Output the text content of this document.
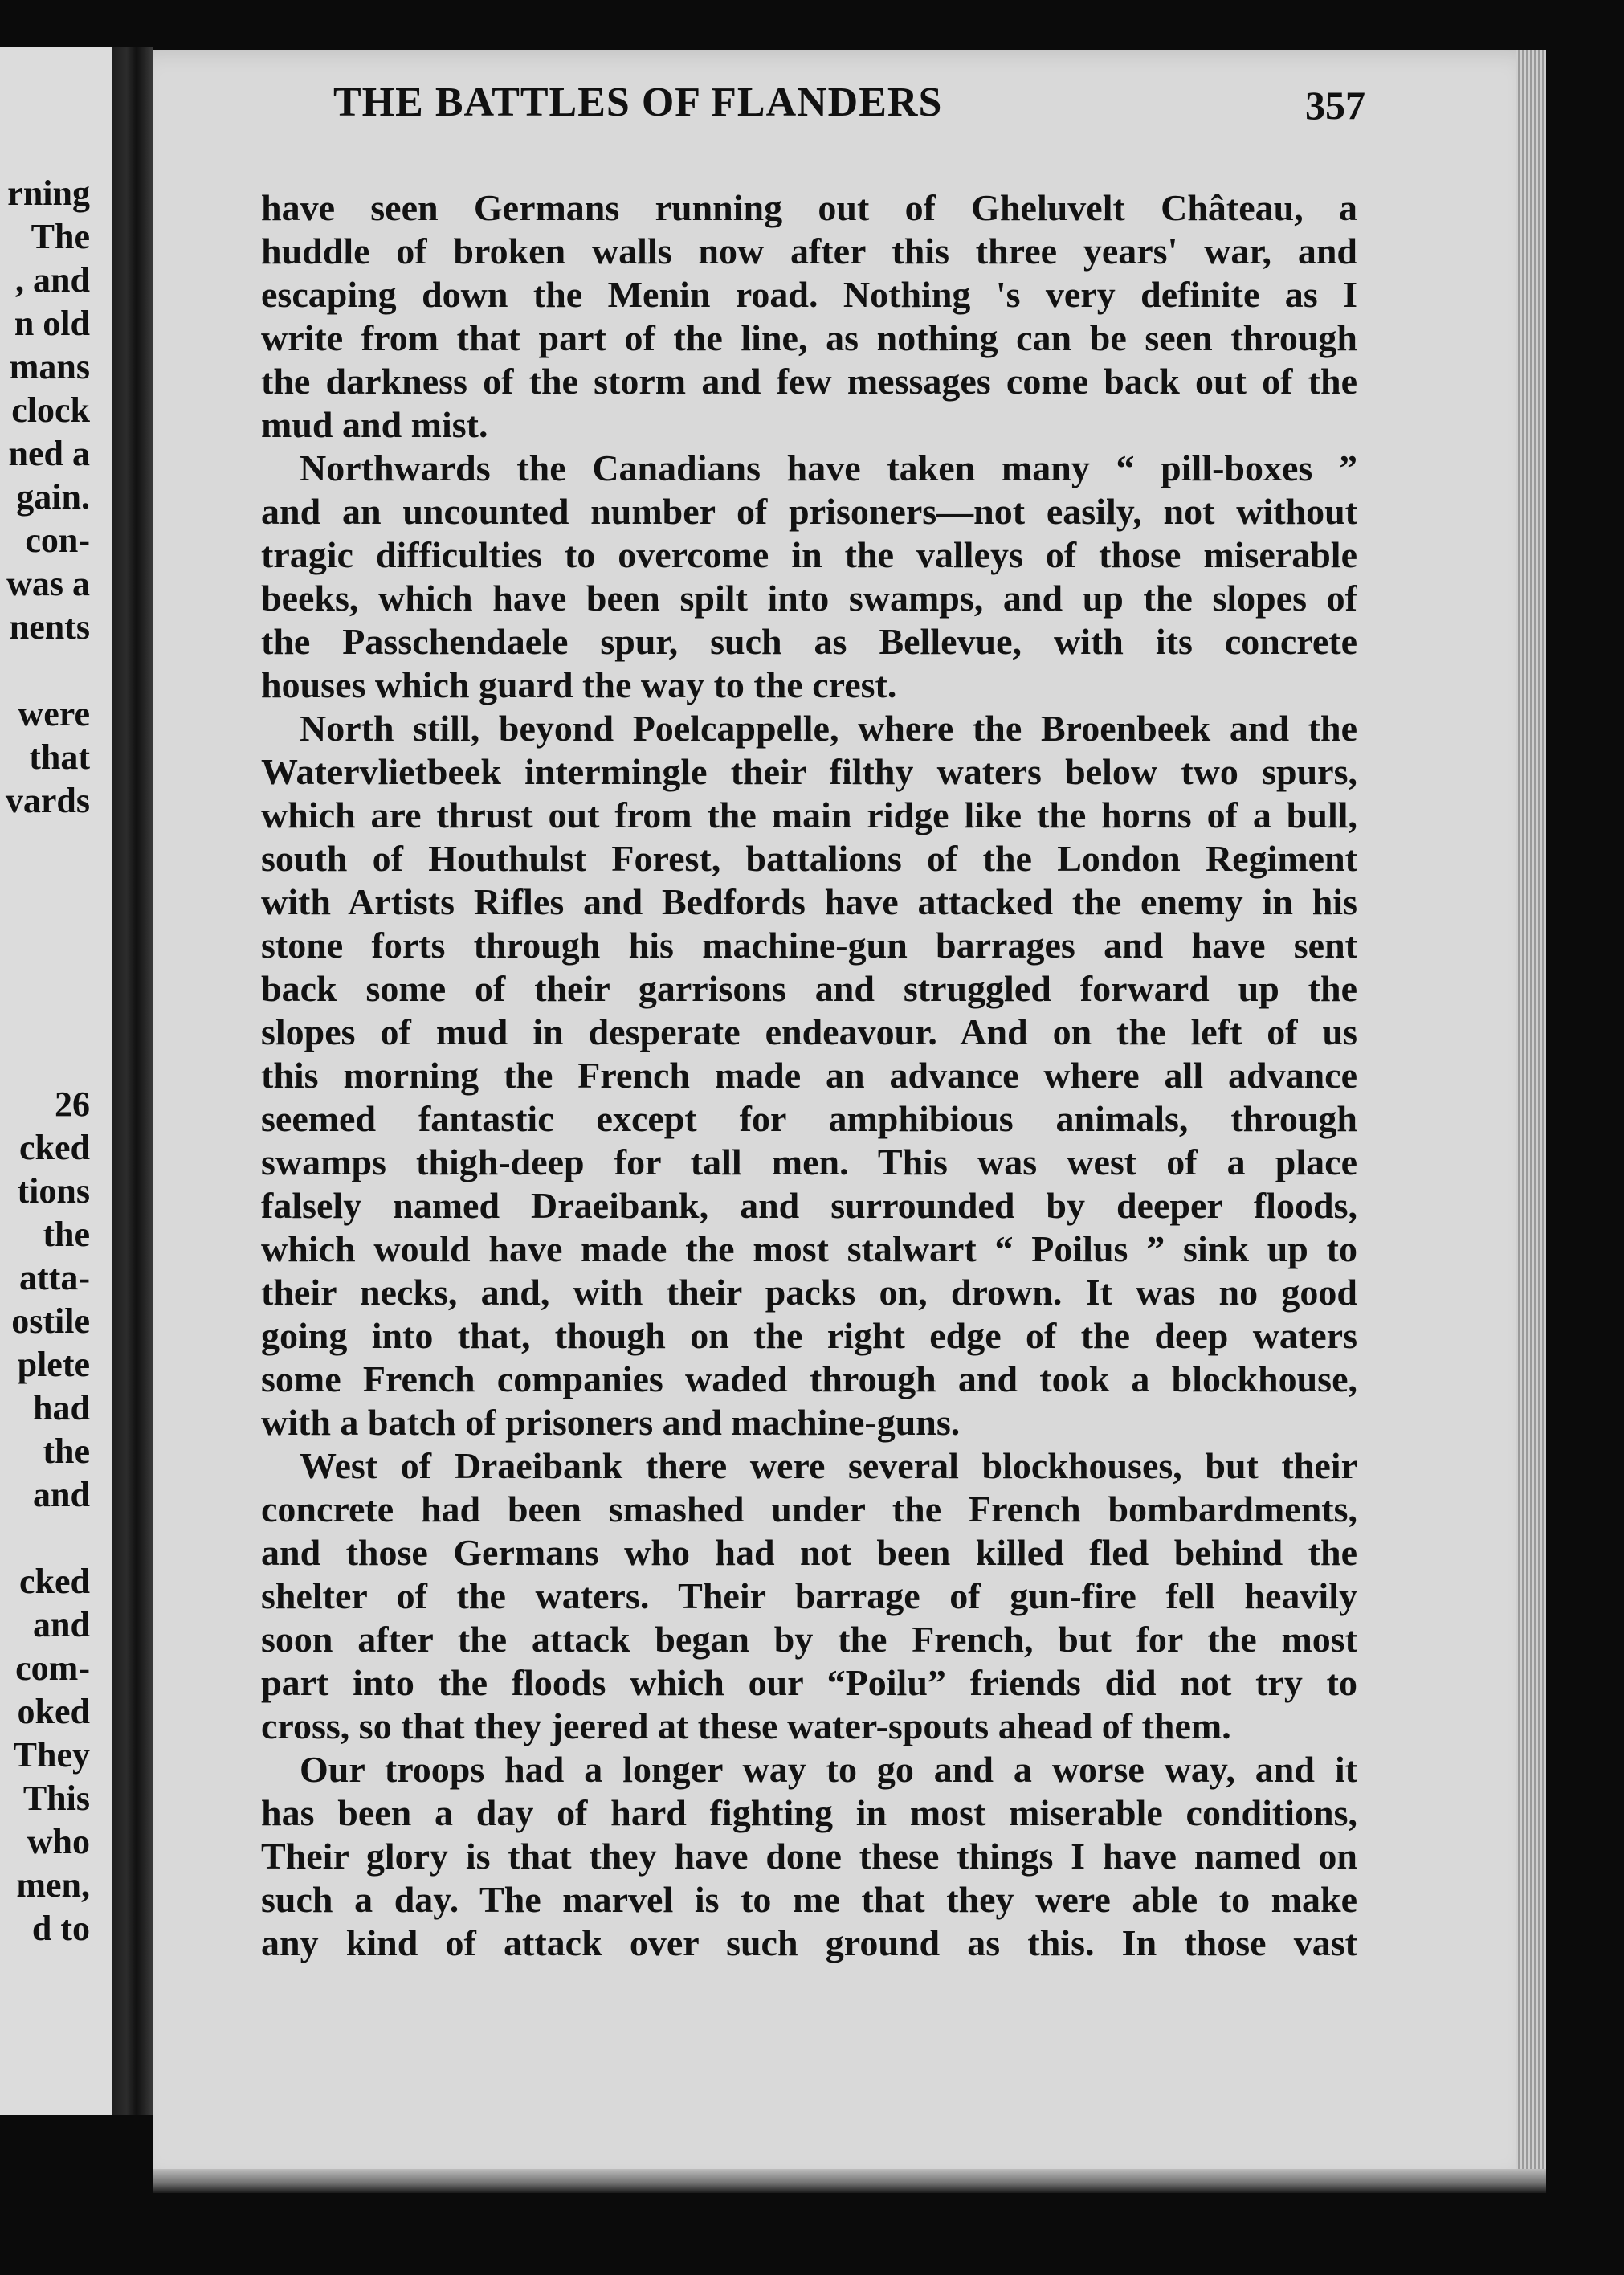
rning
The
, and
n old
mans
clock
ned a
gain.
con-
was a
nents
were
that
vards
26
cked
tions
the
atta-
ostile
plete
had
the
and
cked
and
com-
oked
They
This
who
men,
d to
THE BATTLES OF FLANDERS	357
have seen Germans running out of Gheluvelt Château, a
huddle of broken walls now after this three years' war, and
escaping down the Menin road. Nothing 's very definite as I
write from that part of the line, as nothing can be seen through
the darkness of the storm and few messages come back out of the
mud and mist.
Northwards the Canadians have taken many “ pill-boxes ”
and an uncounted number of prisoners—not easily, not without
tragic difficulties to overcome in the valleys of those miserable
beeks, which have been spilt into swamps, and up the slopes of
the Passchendaele spur, such as Bellevue, with its concrete
houses which guard the way to the crest.
North still, beyond Poelcappelle, where the Broenbeek and the
Watervlietbeek intermingle their filthy waters below two spurs,
which are thrust out from the main ridge like the horns of a bull,
south of Houthulst Forest, battalions of the London Regiment
with Artists Rifles and Bedfords have attacked the enemy in his
stone forts through his machine-gun barrages and have sent
back some of their garrisons and struggled forward up the
slopes of mud in desperate endeavour. And on the left of us
this morning the French made an advance where all advance
seemed fantastic except for amphibious animals, through
swamps thigh-deep for tall men. This was west of a place
falsely named Draeibank, and surrounded by deeper floods,
which would have made the most stalwart “ Poilus ” sink up to
their necks, and, with their packs on, drown. It was no good
going into that, though on the right edge of the deep waters
some French companies waded through and took a blockhouse,
with a batch of prisoners and machine-guns.
West of Draeibank there were several blockhouses, but their
concrete had been smashed under the French bombardments,
and those Germans who had not been killed fled behind the
shelter of the waters. Their barrage of gun-fire fell heavily
soon after the attack began by the French, but for the most
part into the floods which our “Poilu” friends did not try to
cross, so that they jeered at these water-spouts ahead of them.
Our troops had a longer way to go and a worse way, and it
has been a day of hard fighting in most miserable conditions,
Their glory is that they have done these things I have named on
such a day. The marvel is to me that they were able to make
any kind of attack over such ground as this. In those vast
